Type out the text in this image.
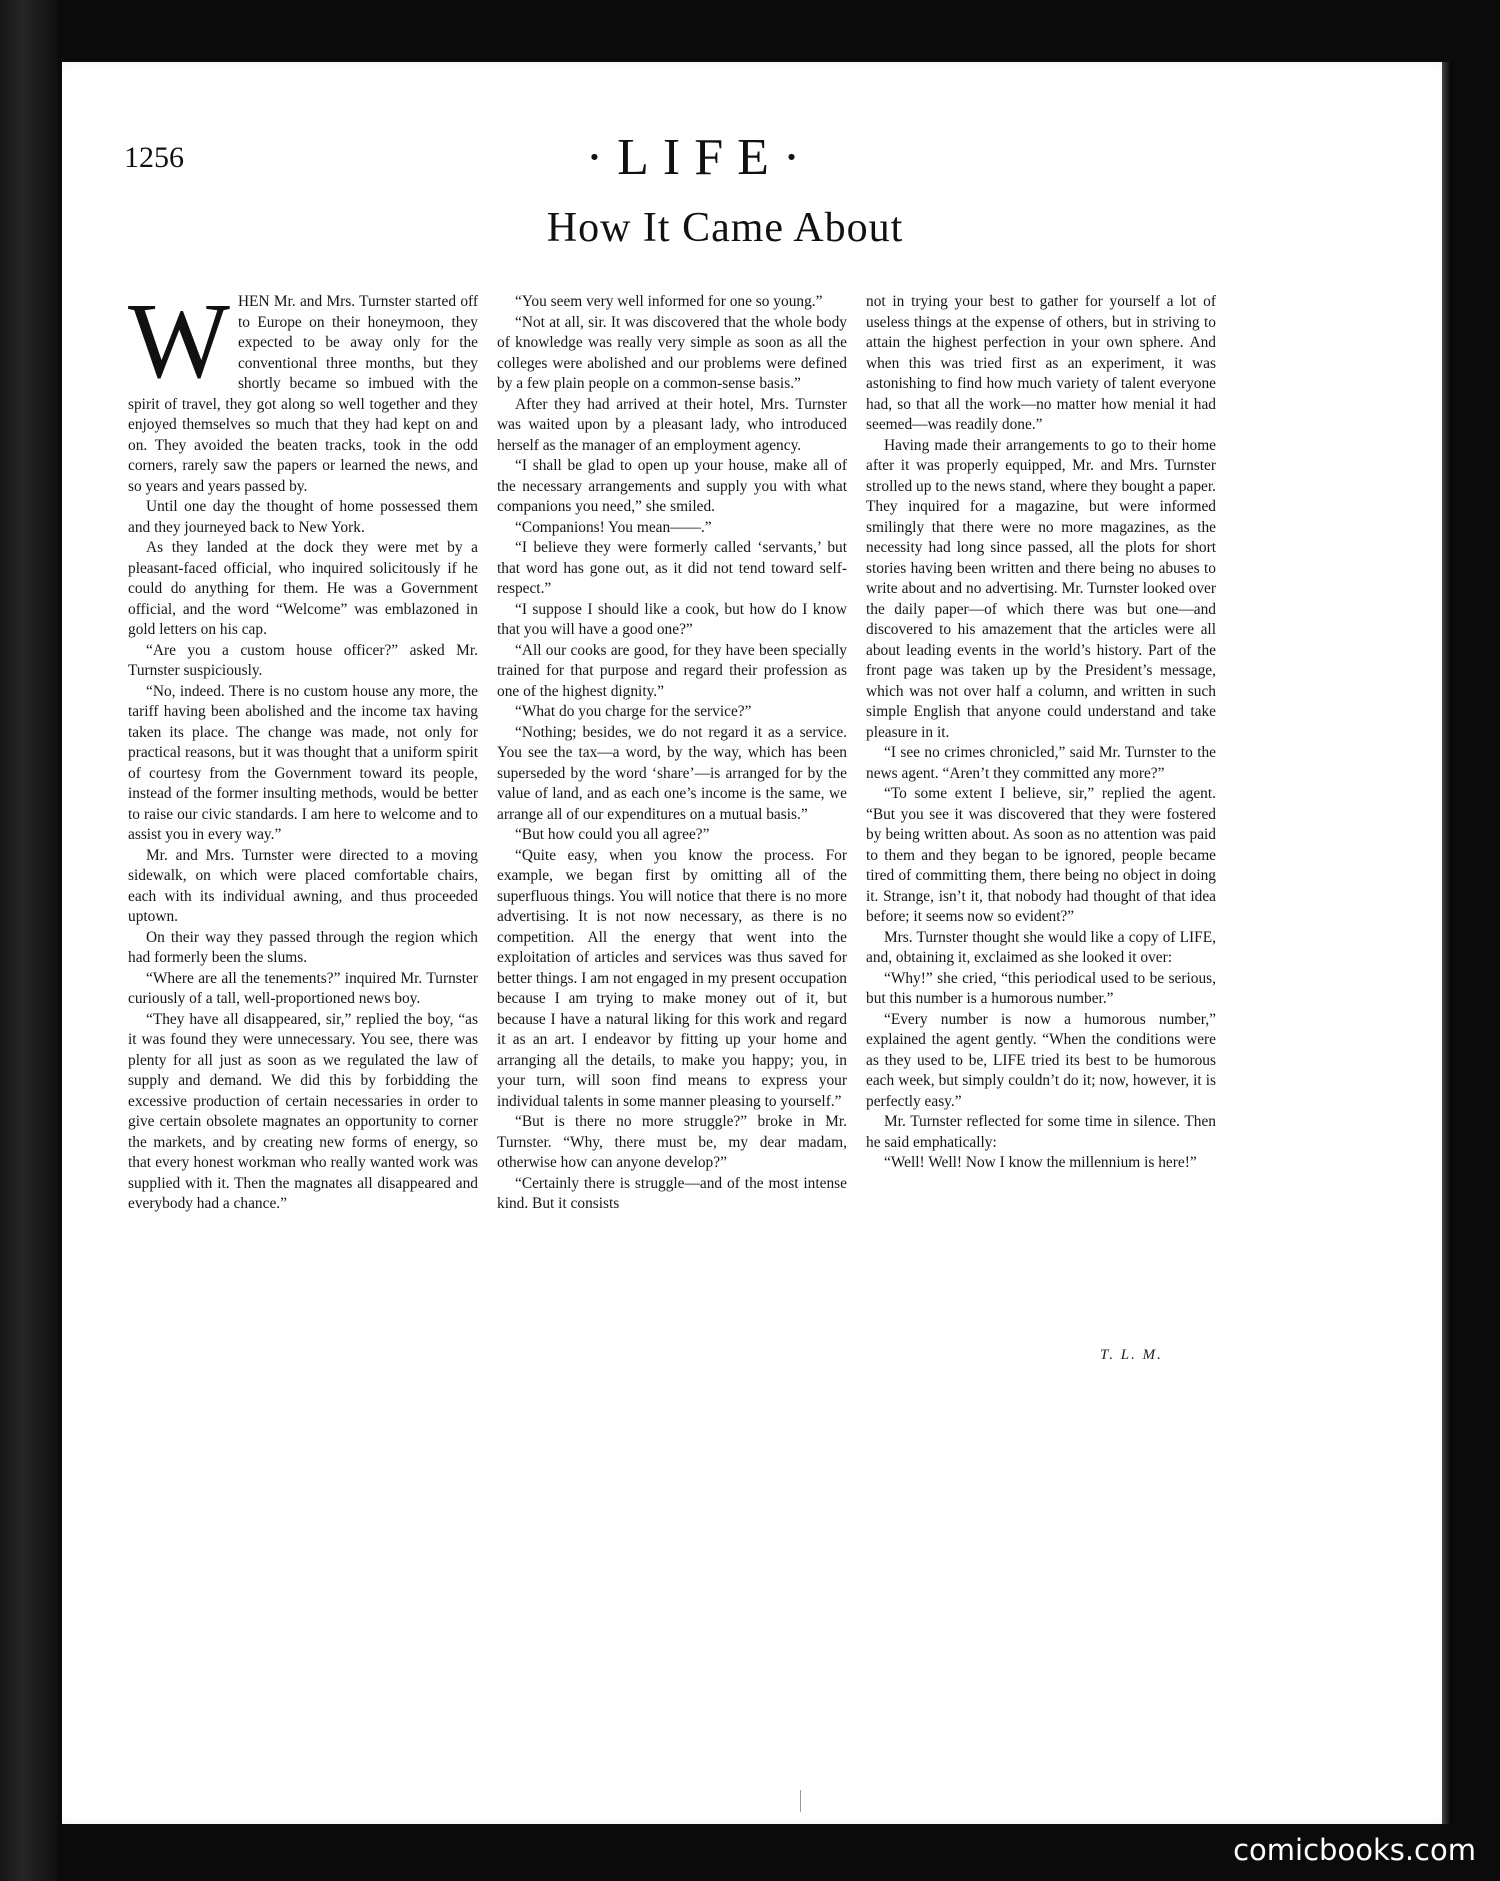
1256	·LIFE·
How It Came About
W HEN Mr. and Mrs. Turnster started off to Europe on their honeymoon, they expected to be away only for the conventional three months, but they shortly became so imbued with the spirit of travel, they got along so well together and they enjoyed themselves so much that they had kept on and on. They avoided the beaten tracks, took in the odd corners, rarely saw the papers or learned the news, and so years and years passed by.

Until one day the thought of home possessed them and they journeyed back to New York.

As they landed at the dock they were met by a pleasant-faced official, who inquired solicitously if he could do anything for them. He was a Government official, and the word “Welcome” was emblazoned in gold letters on his cap.

“Are you a custom house officer?” asked Mr. Turnster suspiciously.

“No, indeed. There is no custom house any more, the tariff having been abolished and the income tax having taken its place. The change was made, not only for practical reasons, but it was thought that a uniform spirit of courtesy from the Government toward its people, instead of the former insulting methods, would be better to raise our civic standards. I am here to welcome and to assist you in every way.”

Mr. and Mrs. Turnster were directed to a moving sidewalk, on which were placed comfortable chairs, each with its individual awning, and thus proceeded uptown.

On their way they passed through the region which had formerly been the slums.

“Where are all the tenements?” inquired Mr. Turnster curiously of a tall, well-proportioned news boy.

“They have all disappeared, sir,” replied the boy, “as it was found they were unnecessary. You see, there was plenty for all just as soon as we regulated the law of supply and demand. We did this by forbidding the excessive production of certain necessaries in order to give certain obsolete magnates an opportunity to corner the markets, and by creating new forms of energy, so that every honest workman who really wanted work was supplied with it. Then the magnates all disappeared and everybody had a chance.”

“You seem very well informed for one so young.”

“Not at all, sir. It was discovered that the whole body of knowledge was really very simple as soon as all the colleges were abolished and our problems were defined by a few plain people on a common-sense basis.”

After they had arrived at their hotel, Mrs. Turnster was waited upon by a pleasant lady, who introduced herself as the manager of an employment agency.

“I shall be glad to open up your house, make all of the necessary arrangements and supply you with what companions you need,” she smiled.

“Companions! You mean——.”

“I believe they were formerly called ‘servants,’ but that word has gone out, as it did not tend toward self-respect.”

“I suppose I should like a cook, but how do I know that you will have a good one?”

“All our cooks are good, for they have been specially trained for that purpose and regard their profession as one of the highest dignity.”

“What do you charge for the service?”

“Nothing; besides, we do not regard it as a service. You see the tax—a word, by the way, which has been superseded by the word ‘share’—is arranged for by the value of land, and as each one’s income is the same, we arrange all of our expenditures on a mutual basis.”

“But how could you all agree?”

“Quite easy, when you know the process. For example, we began first by omitting all of the superfluous things. You will notice that there is no more advertising. It is not now necessary, as there is no competition. All the energy that went into the exploitation of articles and services was thus saved for better things. I am not engaged in my present occupation because I am trying to make money out of it, but because I have a natural liking for this work and regard it as an art. I endeavor by fitting up your home and arranging all the details, to make you happy; you, in your turn, will soon find means to express your individual talents in some manner pleasing to yourself.”

“But is there no more struggle?” broke in Mr. Turnster. “Why, there must be, my dear madam, otherwise how can anyone develop?”

“Certainly there is struggle—and of the most intense kind. But it consists

not in trying your best to gather for yourself a lot of useless things at the expense of others, but in striving to attain the highest perfection in your own sphere. And when this was tried first as an experiment, it was astonishing to find how much variety of talent everyone had, so that all the work—no matter how menial it had seemed—was readily done.”

Having made their arrangements to go to their home after it was properly equipped, Mr. and Mrs. Turnster strolled up to the news stand, where they bought a paper. They inquired for a magazine, but were informed smilingly that there were no more magazines, as the necessity had long since passed, all the plots for short stories having been written and there being no abuses to write about and no advertising. Mr. Turnster looked over the daily paper—of which there was but one—and discovered to his amazement that the articles were all about leading events in the world’s history. Part of the front page was taken up by the President’s message, which was not over half a column, and written in such simple English that anyone could understand and take pleasure in it.

“I see no crimes chronicled,” said Mr. Turnster to the news agent. “Aren’t they committed any more?”

“To some extent I believe, sir,” replied the agent. “But you see it was discovered that they were fostered by being written about. As soon as no attention was paid to them and they began to be ignored, people became tired of committing them, there being no object in doing it. Strange, isn’t it, that nobody had thought of that idea before; it seems now so evident?”

Mrs. Turnster thought she would like a copy of LIFE, and, obtaining it, exclaimed as she looked it over:

“Why!” she cried, “this periodical used to be serious, but this number is a humorous number.”

“Every number is now a humorous number,” explained the agent gently. “When the conditions were as they used to be, LIFE tried its best to be humorous each week, but simply couldn’t do it; now, however, it is perfectly easy.”

Mr. Turnster reflected for some time in silence. Then he said emphatically:

“Well! Well! Now I know the millennium is here!”

T. L. M.
comicbooks.com
